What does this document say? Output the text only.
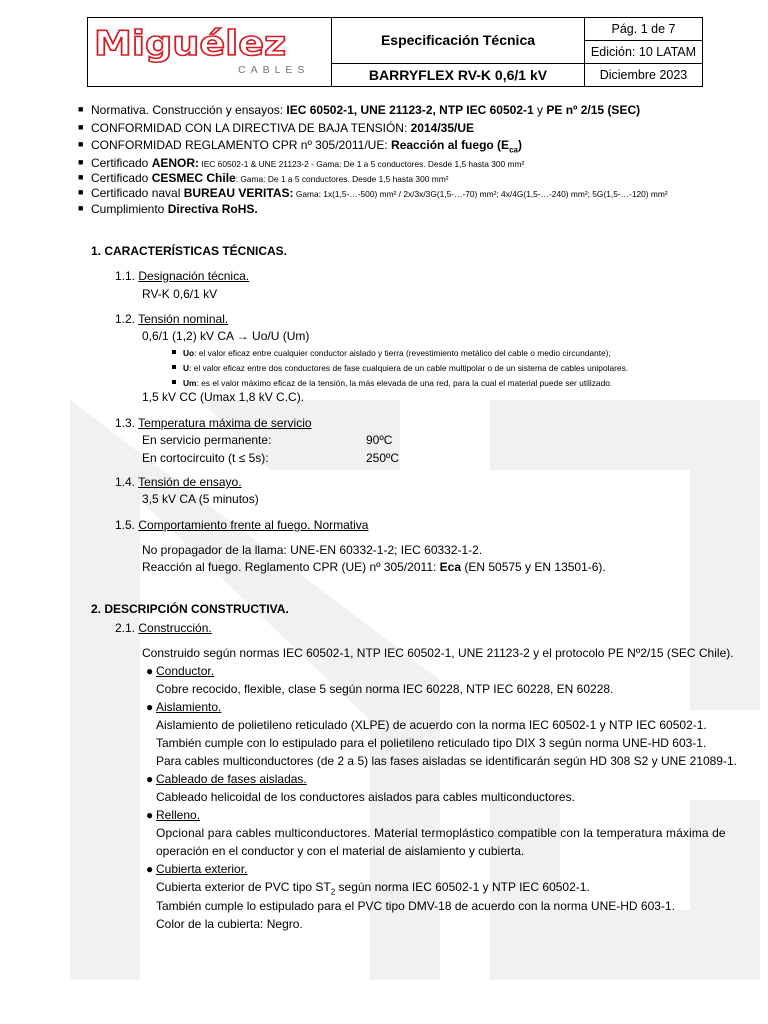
Miguélez
CABLES
Especificación Técnica
BARRYFLEX RV-K 0,6/1 kV
Pág. 1 de 7
Edición: 10 LATAM
Diciembre 2023
■ Normativa. Construcción y ensayos: IEC 60502-1, UNE 21123-2, NTP IEC 60502-1 y PE nº 2/15 (SEC)
■ CONFORMIDAD CON LA DIRECTIVA DE BAJA TENSIÓN: 2014/35/UE
■ CONFORMIDAD REGLAMENTO CPR nº 305/2011/UE: Reacción al fuego $(E_{ca})$
■ Certificado AENOR: IEC 60502-1 & UNE 21123-2 - Gama: De 1 a 5 conductores. Desde 1,5 hasta 300 mm²
■ Certificado CESMEC Chile: Gama: De 1 a 5 conductores. Desde 1,5 hasta 300 mm²
■ Certificado naval BUREAU VERITAS: Gama: 1x(1,5-…-500) mm² / 2x/3x/3G(1,5-…-70) mm²; 4x/4G(1,5-…-240) mm²; 5G(1,5-…-120) mm²
■ Cumplimiento Directiva RoHS.
1. CARACTERÍSTICAS TÉCNICAS.
1.1. Designación técnica.
RV-K 0,6/1 kV
1.2. Tensión nominal.
0,6/1 (1,2) kV CA → Uo/U (Um)
Uo: el valor eficaz entre cualquier conductor aislado y tierra (revestimiento metálico del cable o medio circundante);
U: el valor eficaz entre dos conductores de fase cualquiera de un cable multipolar o de un sistema de cables unipolares.
Um: es el valor máximo eficaz de la tensión, la más elevada de una red, para la cual el material puede ser utilizado.
1,5 kV CC (Umax 1,8 kV C.C).
1.3. Temperatura máxima de servicio
En servicio permanente:	90ºC
En cortocircuito (t ≤ 5s):	250ºC
1.4. Tensión de ensayo.
3,5 kV CA (5 minutos)
1.5. Comportamiento frente al fuego. Normativa
No propagador de la llama: UNE-EN 60332-1-2; IEC 60332-1-2.
Reacción al fuego. Reglamento CPR (UE) nº 305/2011: Eca (EN 50575 y EN 13501-6).
2. DESCRIPCIÓN CONSTRUCTIVA.
2.1. Construcción.
Construido según normas IEC 60502-1, NTP IEC 60502-1, UNE 21123-2 y el protocolo PE Nº2/15 (SEC Chile).
● Conductor.
Cobre recocido, flexible, clase 5 según norma IEC 60228, NTP IEC 60228, EN 60228.
● Aislamiento.
Aislamiento de polietileno reticulado (XLPE) de acuerdo con la norma IEC 60502-1 y NTP IEC 60502-1.
También cumple con lo estipulado para el polietileno reticulado tipo DIX 3 según norma UNE-HD 603-1.
Para cables multiconductores (de 2 a 5) las fases aisladas se identificarán según HD 308 S2 y UNE 21089-1.
● Cableado de fases aisladas.
Cableado helicoidal de los conductores aislados para cables multiconductores.
● Relleno.
Opcional para cables multiconductores. Material termoplástico compatible con la temperatura máxima de
operación en el conductor y con el material de aislamiento y cubierta.
● Cubierta exterior.
Cubierta exterior de PVC tipo $ST_2$ según norma IEC 60502-1 y NTP IEC 60502-1.
También cumple lo estipulado para el PVC tipo DMV-18 de acuerdo con la norma UNE-HD 603-1.
Color de la cubierta: Negro.
